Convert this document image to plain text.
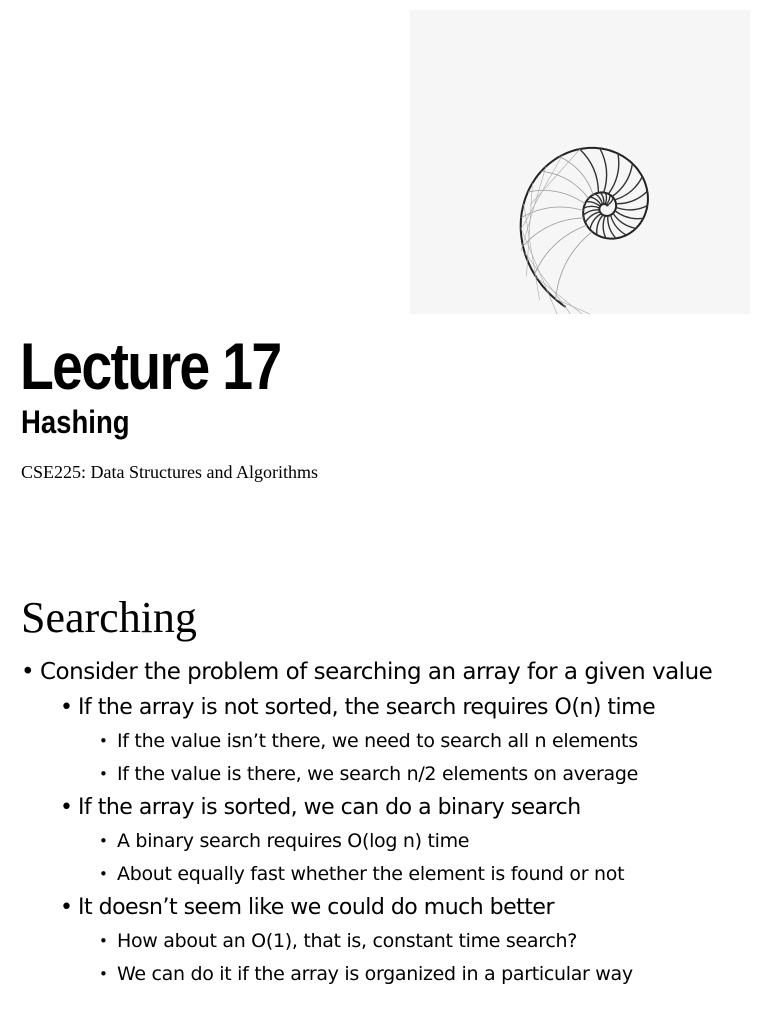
Lecture 17
Hashing
CSE225: Data Structures and Algorithms
Searching
• Consider the problem of searching an array for a given value
• If the array is not sorted, the search requires O(n) time
• If the value isn’t there, we need to search all n elements
• If the value is there, we search n/2 elements on average
• If the array is sorted, we can do a binary search
• A binary search requires O(log n) time
• About equally fast whether the element is found or not
• It doesn’t seem like we could do much better
• How about an O(1), that is, constant time search?
• We can do it if the array is organized in a particular way
